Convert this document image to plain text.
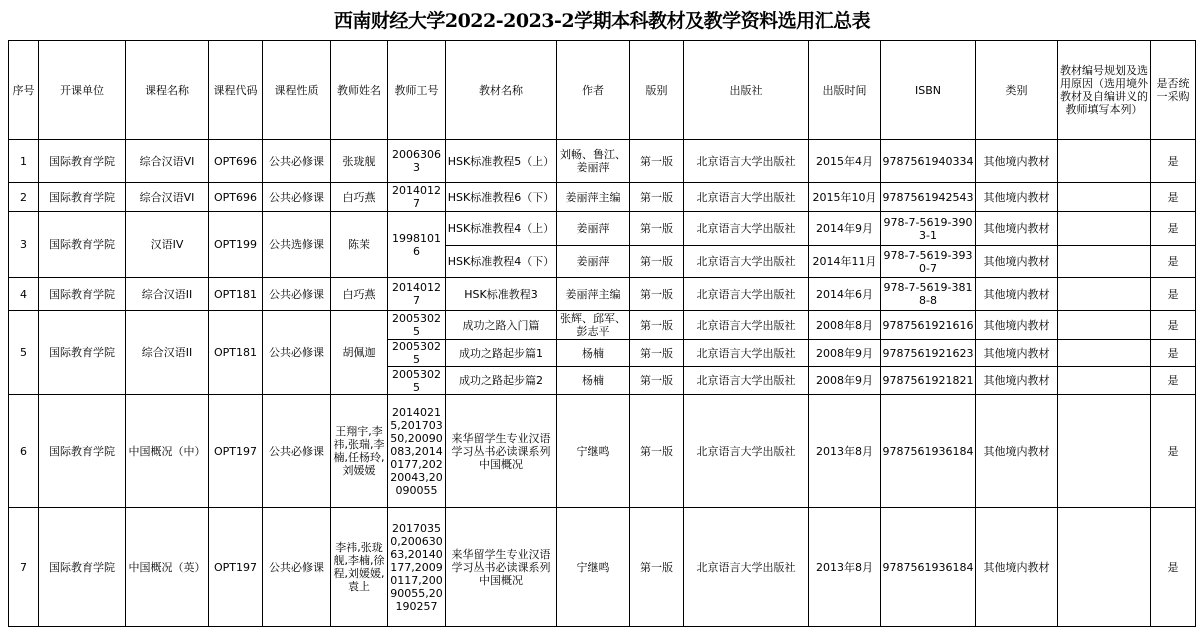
西南财经大学2022-2023-2学期本科教材及教学资料选用汇总表
序号	开课单位	课程名称	课程代码	课程性质	教师姓名	教师工号	教材名称	作者	版别	出版社	出版时间	ISBN	类别	教材编号规划及选用原因（选用境外教材及自编讲义的教师填写本列）	是否统一采购
1	国际教育学院	综合汉语VI	OPT696	公共必修课	张珑舰	20063063	HSK标准教程5（上）	刘畅、鲁江、姜丽萍	第一版	北京语言大学出版社	2015年4月	9787561940334	其他境内教材		是
2	国际教育学院	综合汉语VI	OPT696	公共必修课	白巧燕	20140127	HSK标准教程6（下）	姜丽萍主编	第一版	北京语言大学出版社	2015年10月	9787561942543	其他境内教材		是
3	国际教育学院	汉语IV	OPT199	公共选修课	陈茉	19981016	HSK标准教程4（上）	姜丽萍	第一版	北京语言大学出版社	2014年9月	978-7-5619-3903-1	其他境内教材		是
							HSK标准教程4（下）	姜丽萍	第一版	北京语言大学出版社	2014年11月	978-7-5619-3930-7	其他境内教材		是
4	国际教育学院	综合汉语II	OPT181	公共必修课	白巧燕	20140127	HSK标准教程3	姜丽萍主编	第一版	北京语言大学出版社	2014年6月	978-7-5619-3818-8	其他境内教材		是
5	国际教育学院	综合汉语II	OPT181	公共必修课	胡佩迦	20053025	成功之路入门篇	张辉、邱军、彭志平	第一版	北京语言大学出版社	2008年8月	9787561921616	其他境内教材		是
						20053025	成功之路起步篇1	杨楠	第一版	北京语言大学出版社	2008年9月	9787561921623	其他境内教材		是
						20053025	成功之路起步篇2	杨楠	第一版	北京语言大学出版社	2008年9月	9787561921821	其他境内教材		是
6	国际教育学院	中国概况（中）	OPT197	公共必修课	王翔宇,李祎,张瑞,李楠,任杨玲,刘媛媛	20140215,20170350,20090083,20140177,20220043,20090055	来华留学生专业汉语学习丛书必读课系列中国概况	宁继鸣	第一版	北京语言大学出版社	2013年8月	9787561936184	其他境内教材		是
7	国际教育学院	中国概况（英）	OPT197	公共必修课	李祎,张珑舰,李楠,徐程,刘媛媛,袁上	20170350,20063063,20140177,20090117,20090055,20190257	来华留学生专业汉语学习丛书必读课系列中国概况	宁继鸣	第一版	北京语言大学出版社	2013年8月	9787561936184	其他境内教材		是
